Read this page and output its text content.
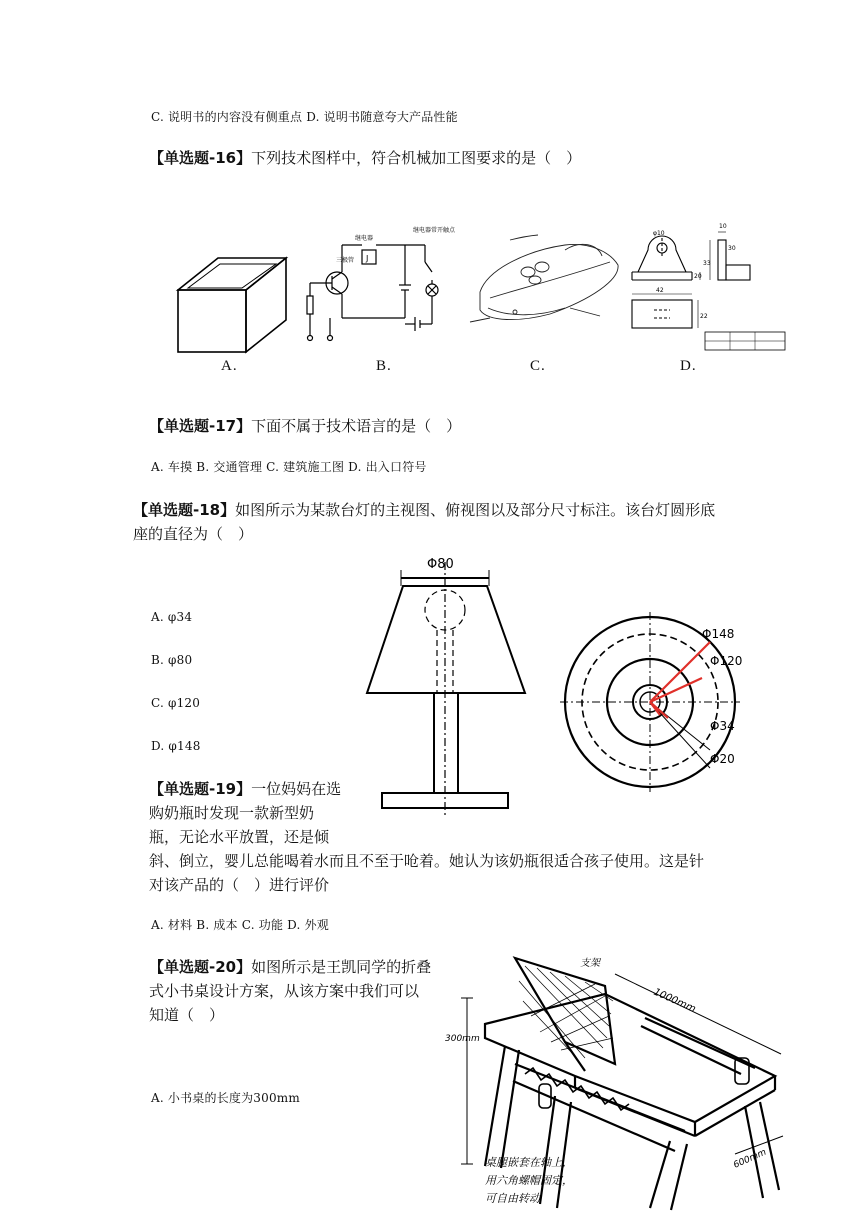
C. 说明书的内容没有侧重点 D. 说明书随意夸大产品性能
【单选题-16】下列技术图样中，符合机械加工图要求的是（　）
三极管
继电器
J
继电器常开触点	φ10
42
10
33
22
20
30
A.	B.	C.	D.
【单选题-17】下面不属于技术语言的是（　）
A. 车摸 B. 交通管理 C. 建筑施工图 D. 出入口符号
【单选题-18】如图所示为某款台灯的主视图、俯视图以及部分尺寸标注。该台灯圆形底
座的直径为（　）
A. φ34
B. φ80
C. φ120
D. φ148
Φ80
Φ148
Φ120
Φ34
Φ20
【单选题-19】一位妈妈在选
购奶瓶时发现一款新型奶
瓶，无论水平放置，还是倾
斜、倒立，婴儿总能喝着水而且不至于呛着。她认为该奶瓶很适合孩子使用。这是针
对该产品的（　）进行评价
A. 材料 B. 成本 C. 功能 D. 外观
【单选题-20】如图所示是王凯同学的折叠
式小书桌设计方案，从该方案中我们可以
知道（　）
A. 小书桌的长度为300mm
支架
1000mm
300mm
600mm
桌腿嵌套在轴上，
用六角螺帽固定，
可自由转动
